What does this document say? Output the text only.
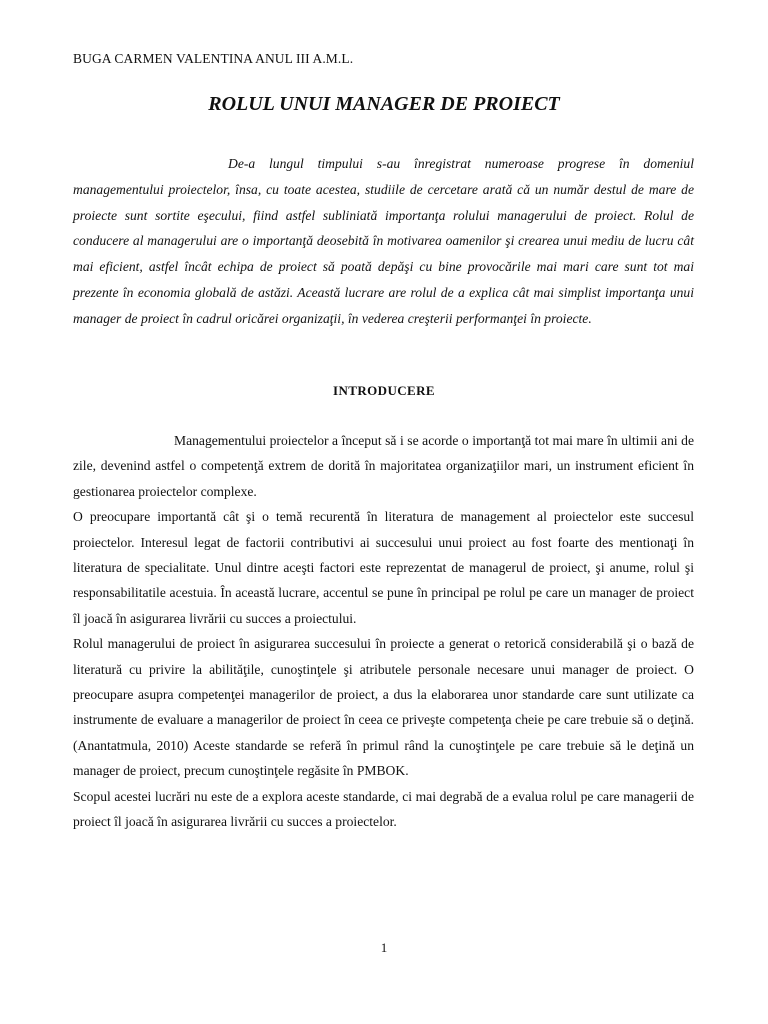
BUGA CARMEN VALENTINA ANUL III A.M.L.
ROLUL UNUI MANAGER DE PROIECT

De-a lungul timpului s-au înregistrat numeroase progrese în domeniul managementului proiectelor, însa, cu toate acestea, studiile de cercetare arată că un număr destul de mare de proiecte sunt sortite eşecului, fiind astfel subliniată importanţa rolului managerului de proiect. Rolul de conducere al managerului are o importanţă deosebită în motivarea oamenilor şi crearea unui mediu de lucru cât mai eficient, astfel încât echipa de proiect să poată depăşi cu bine provocările mai mari care sunt tot mai prezente în economia globală de astăzi. Această lucrare are rolul de a explica cât mai simplist importanţa unui manager de proiect în cadrul oricărei organizaţii, în vederea creşterii performanţei în proiecte.

INTRODUCERE

Managementului proiectelor a început să i se acorde o importanţă tot mai mare în ultimii ani de zile, devenind astfel o competenţă extrem de dorită în majoritatea organizaţiilor mari, un instrument eficient în gestionarea proiectelor complexe.

O preocupare importantă cât şi o temă recurentă în literatura de management al proiectelor este succesul proiectelor. Interesul legat de factorii contributivi ai succesului unui proiect au fost foarte des mentionaţi în literatura de specialitate. Unul dintre aceşti factori este reprezentat de managerul de proiect, şi anume, rolul şi responsabilitatile acestuia. În această lucrare, accentul se pune în principal pe rolul pe care un manager de proiect îl joacă în asigurarea livrării cu succes a proiectului.

Rolul managerului de proiect în asigurarea succesului în proiecte a generat o retorică considerabilă şi o bază de literatură cu privire la abilităţile, cunoştinţele şi atributele personale necesare unui manager de proiect. O preocupare asupra competenţei managerilor de proiect, a dus la elaborarea unor standarde care sunt utilizate ca instrumente de evaluare a managerilor de proiect în ceea ce priveşte competenţa cheie pe care trebuie să o deţină. (Anantatmula, 2010) Aceste standarde se referă în primul rând la cunoştinţele pe care trebuie să le deţină un manager de proiect, precum cunoştinţele regăsite în PMBOK.

Scopul acestei lucrări nu este de a explora aceste standarde, ci mai degrabă de a evalua rolul pe care managerii de proiect îl joacă în asigurarea livrării cu succes a proiectelor.

1
